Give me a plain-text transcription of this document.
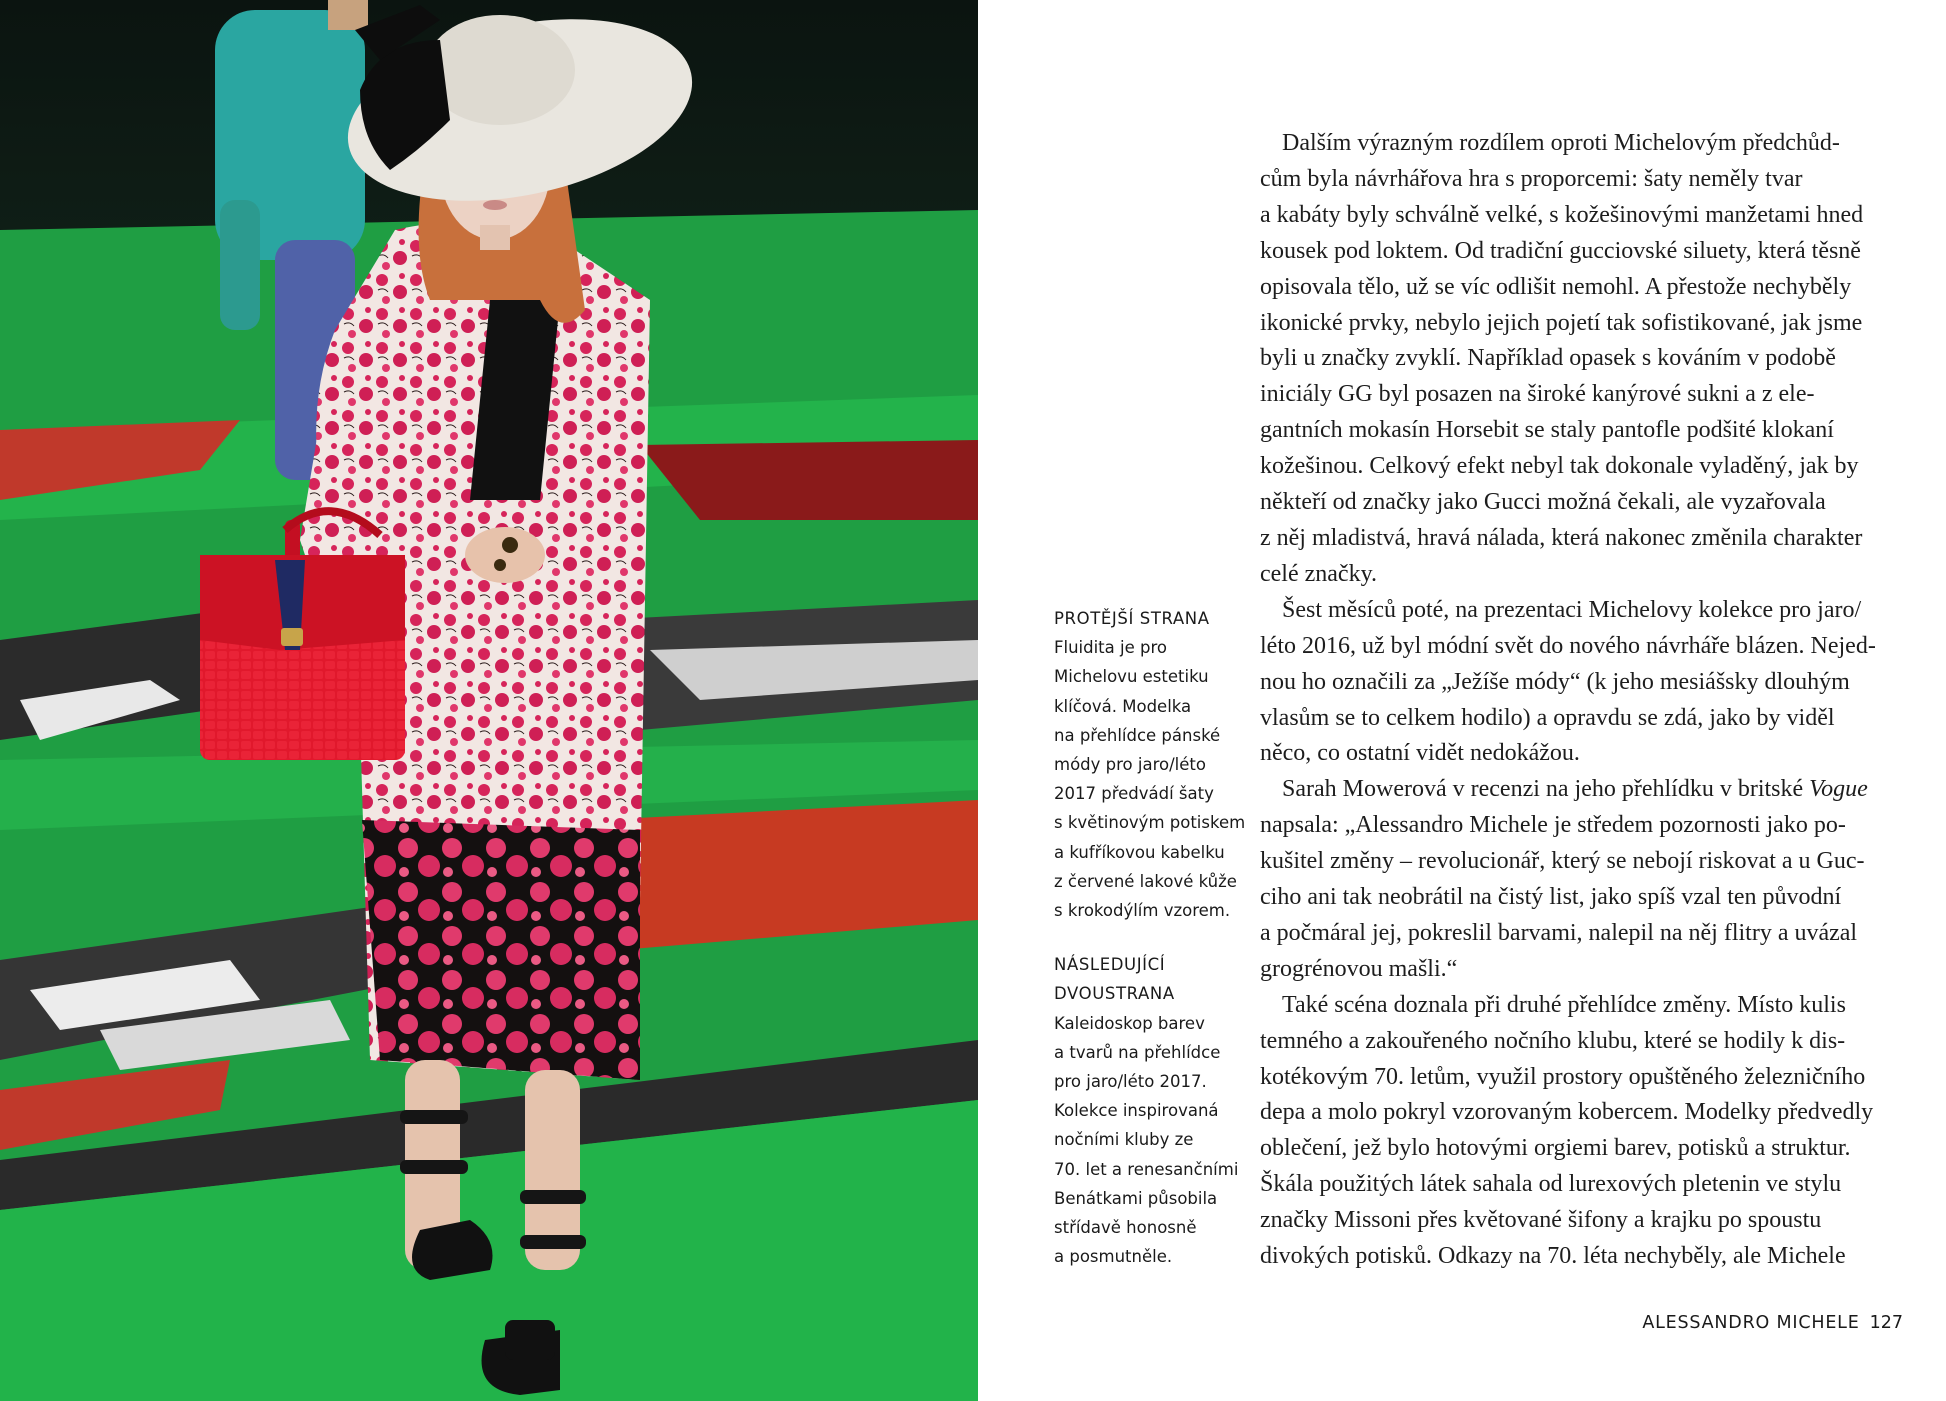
PROTĚJŠÍ STRANA
Fluidita je pro
Michelovu estetiku
klíčová. Modelka
na přehlídce pánské
módy pro jaro/léto
2017 předvádí šaty
s květinovým potiskem
a kufříkovou kabelku
z červené lakové kůže
s krokodýlím vzorem.
NÁSLEDUJÍCÍ
DVOUSTRANA
Kaleidoskop barev
a tvarů na přehlídce
pro jaro/léto 2017.
Kolekce inspirovaná
nočními kluby ze
70. let a renesančními
Benátkami působila
střídavě honosně
a posmutněle.
Dalším výrazným rozdílem oproti Michelovým předchůd-
cům byla návrhářova hra s proporcemi: šaty neměly tvar
a kabáty byly schválně velké, s kožešinovými manžetami hned
kousek pod loktem. Od tradiční gucciovské siluety, která těsně
opisovala tělo, už se víc odlišit nemohl. A přestože nechyběly
ikonické prvky, nebylo jejich pojetí tak sofistikované, jak jsme
byli u značky zvyklí. Například opasek s kováním v podobě
iniciály GG byl posazen na široké kanýrové sukni a z ele-
gantních mokasín Horsebit se staly pantofle podšité klokaní
kožešinou. Celkový efekt nebyl tak dokonale vyladěný, jak by
někteří od značky jako Gucci možná čekali, ale vyzařovala
z něj mladistvá, hravá nálada, která nakonec změnila charakter
celé značky.
Šest měsíců poté, na prezentaci Michelovy kolekce pro jaro/
léto 2016, už byl módní svět do nového návrháře blázen. Nejed-
nou ho označili za „Ježíše módy“ (k jeho mesiášsky dlouhým
vlasům se to celkem hodilo) a opravdu se zdá, jako by viděl
něco, co ostatní vidět nedokážou.
Sarah Mowerová v recenzi na jeho přehlídku v britské Vogue
napsala: „Alessandro Michele je středem pozornosti jako po-
kušitel změny – revolucionář, který se nebojí riskovat a u Guc-
ciho ani tak neobrátil na čistý list, jako spíš vzal ten původní
a počmáral jej, pokreslil barvami, nalepil na něj flitry a uvázal
grogrénovou mašli.“
Také scéna doznala při druhé přehlídce změny. Místo kulis
temného a zakouřeného nočního klubu, které se hodily k dis-
kotékovým 70. letům, využil prostory opuštěného železničního
depa a molo pokryl vzorovaným kobercem. Modelky předvedly
oblečení, jež bylo hotovými orgiemi barev, potisků a struktur.
Škála použitých látek sahala od lurexových pletenin ve stylu
značky Missoni přes květované šifony a krajku po spoustu
divokých potisků. Odkazy na 70. léta nechyběly, ale Michele
ALESSANDRO MICHELE 127
